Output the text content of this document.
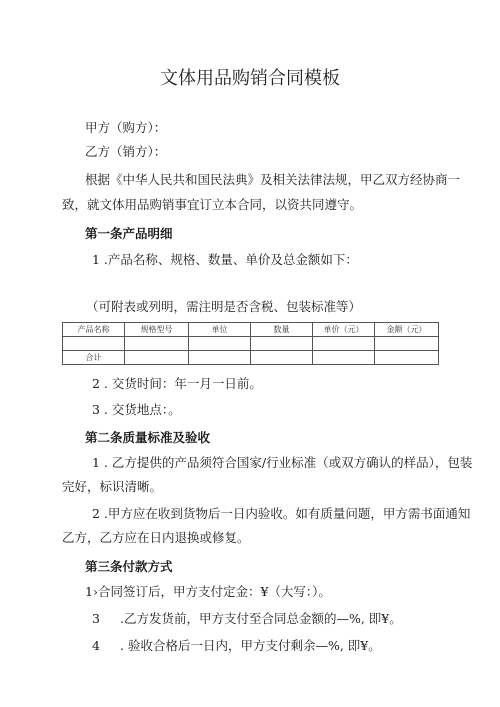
文体用品购销合同模板
甲方（购方）：
乙方（销方）：
根据《中华人民共和国民法典》及相关法律法规，甲乙双方经协商一
致，就文体用品购销事宜订立本合同，以资共同遵守。
第一条产品明细
1 .产品名称、规格、数量、单价及总金额如下：
（可附表或列明，需注明是否含税、包装标准等）
产品名称	规格型号	单位	数量	单价（元）	金额（元）

合计					
2 . 交货时间：年一月一日前。
3 . 交货地点：。
第二条质量标准及验收
1 . 乙方提供的产品须符合国家/行业标准（或双方确认的样品），包装
完好，标识清晰。
2 .甲方应在收到货物后一日内验收。如有质量问题，甲方需书面通知
乙方，乙方应在日内退换或修复。
第三条付款方式
1›合同签订后，甲方支付定金：¥（大写：）。
3 .乙方发货前，甲方支付至合同总金额的—%, 即¥。
4 . 验收合格后一日内，甲方支付剩余—%, 即¥。
